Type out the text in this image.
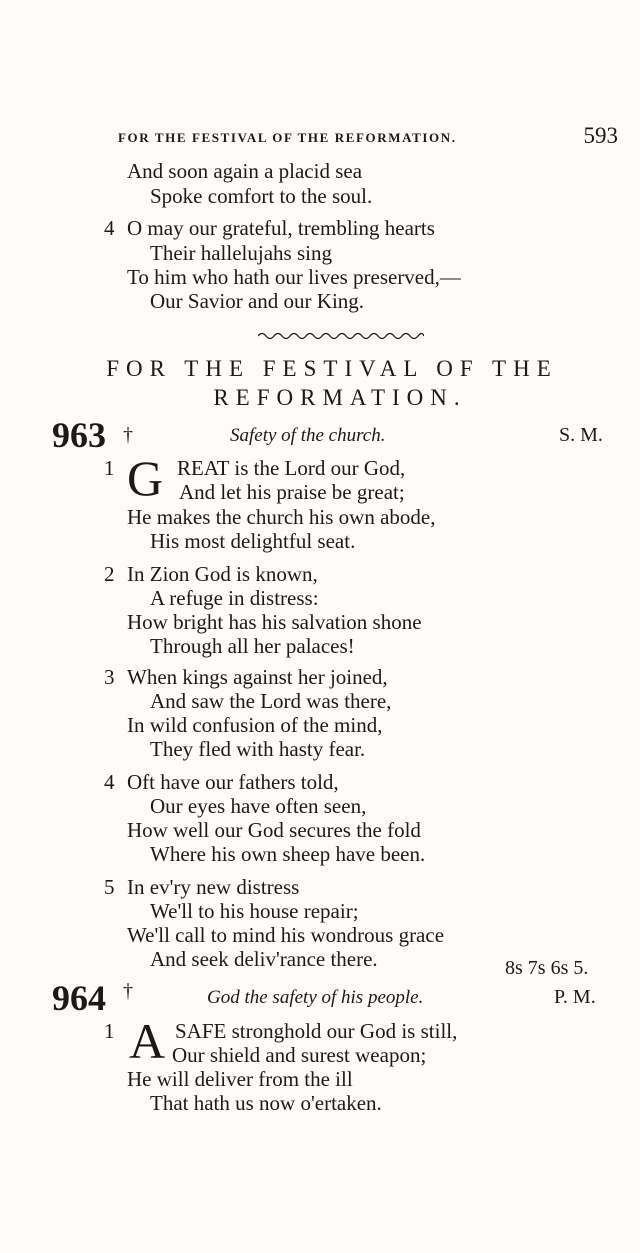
FOR THE FESTIVAL OF THE REFORMATION.	593
And soon again a placid sea
Spoke comfort to the soul.
4 O may our grateful, trembling hearts
Their hallelujahs sing
To him who hath our lives preserved,—
Our Savior and our King.
FOR THE FESTIVAL OF THE
REFORMATION.
963 †	Safety of the church.	S. M.
1 G REAT is the Lord our God,
And let his praise be great;
He makes the church his own abode,
His most delightful seat.
2 In Zion God is known,
A refuge in distress:
How bright has his salvation shone
Through all her palaces!
3 When kings against her joined,
And saw the Lord was there,
In wild confusion of the mind,
They fled with hasty fear.
4 Oft have our fathers told,
Our eyes have often seen,
How well our God secures the fold
Where his own sheep have been.
5 In ev'ry new distress
We'll to his house repair;
We'll call to mind his wondrous grace
And seek deliv'rance there.	8s 7s 6s 5.
964 †	God the safety of his people.	P. M.
1 A SAFE stronghold our God is still,
Our shield and surest weapon;
He will deliver from the ill
That hath us now o'ertaken.
